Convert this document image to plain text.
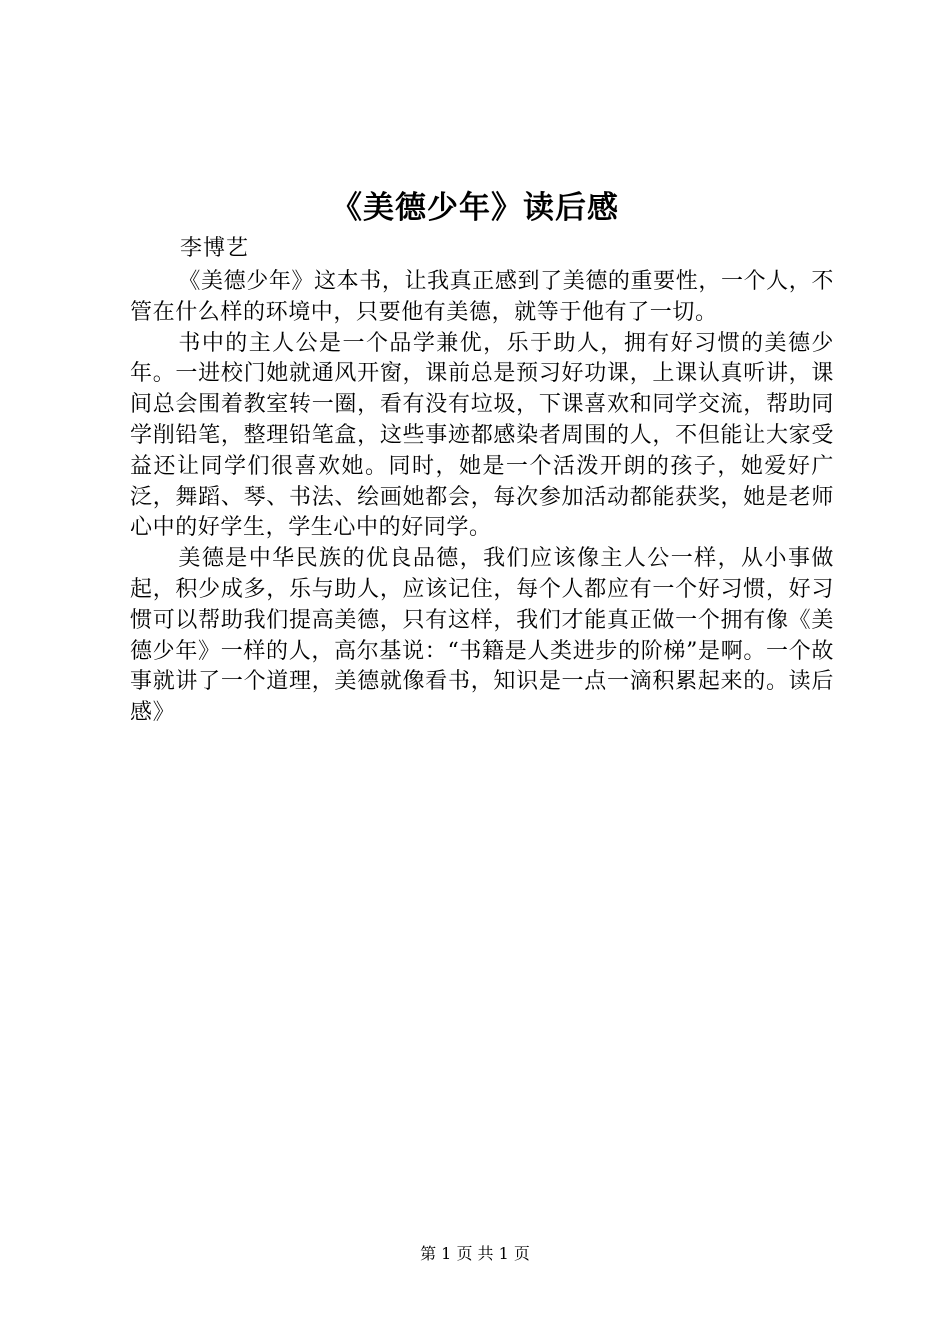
《美德少年》读后感
李博艺

《美德少年》这本书，让我真正感到了美德的重要性，一个人，不管在什么样的环境中，只要他有美德，就等于他有了一切。

书中的主人公是一个品学兼优，乐于助人，拥有好习惯的美德少年。一进校门她就通风开窗，课前总是预习好功课，上课认真听讲，课间总会围着教室转一圈，看有没有垃圾，下课喜欢和同学交流，帮助同学削铅笔，整理铅笔盒，这些事迹都感染者周围的人，不但能让大家受益还让同学们很喜欢她。同时，她是一个活泼开朗的孩子，她爱好广泛，舞蹈、琴、书法、绘画她都会，每次参加活动都能获奖，她是老师心中的好学生，学生心中的好同学。

美德是中华民族的优良品德，我们应该像主人公一样，从小事做起，积少成多，乐与助人，应该记住，每个人都应有一个好习惯，好习惯可以帮助我们提高美德，只有这样，我们才能真正做一个拥有像《美德少年》一样的人，高尔基说：“书籍是人类进步的阶梯”是啊。一个故事就讲了一个道理，美德就像看书，知识是一点一滴积累起来的。读后感》

第 1 页 共 1 页
